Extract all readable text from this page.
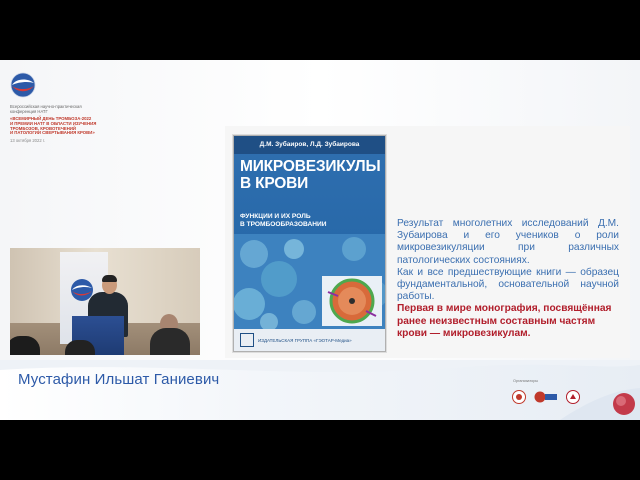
Всероссийская научно-практическая
конференция НАТГ
«ВСЕМИРНЫЙ ДЕНЬ ТРОМБОЗА-2022
И ПРЕМИИ НАТГ В ОБЛАСТИ ИЗУЧЕНИЯ
ТРОМБОЗОВ, КРОВОТЕЧЕНИЙ
И ПАТОЛОГИИ СВЕРТЫВАНИЯ КРОВИ»
13 октября 2022 г.
Д.М. Зубаиров, Л.Д. Зубаирова
МИКРОВЕЗИКУЛЫ
В КРОВИ
ФУНКЦИИ И ИХ РОЛЬ
В ТРОМБООБРАЗОВАНИИ
ИЗДАТЕЛЬСКАЯ ГРУППА «ГЭОТАР-Медиа»

Результат многолетних исследований Д.М. Зубаирова и его учеников о роли микровезикуляции при различных патологических состояниях.

Как и все предшествующие книги — образец фундаментальной, основательной научной работы.

Первая в мире монография, посвящённая ранее неизвестным составным частям крови — микровезикулам.

Мустафин Ильшат Ганиевич	Организаторы
